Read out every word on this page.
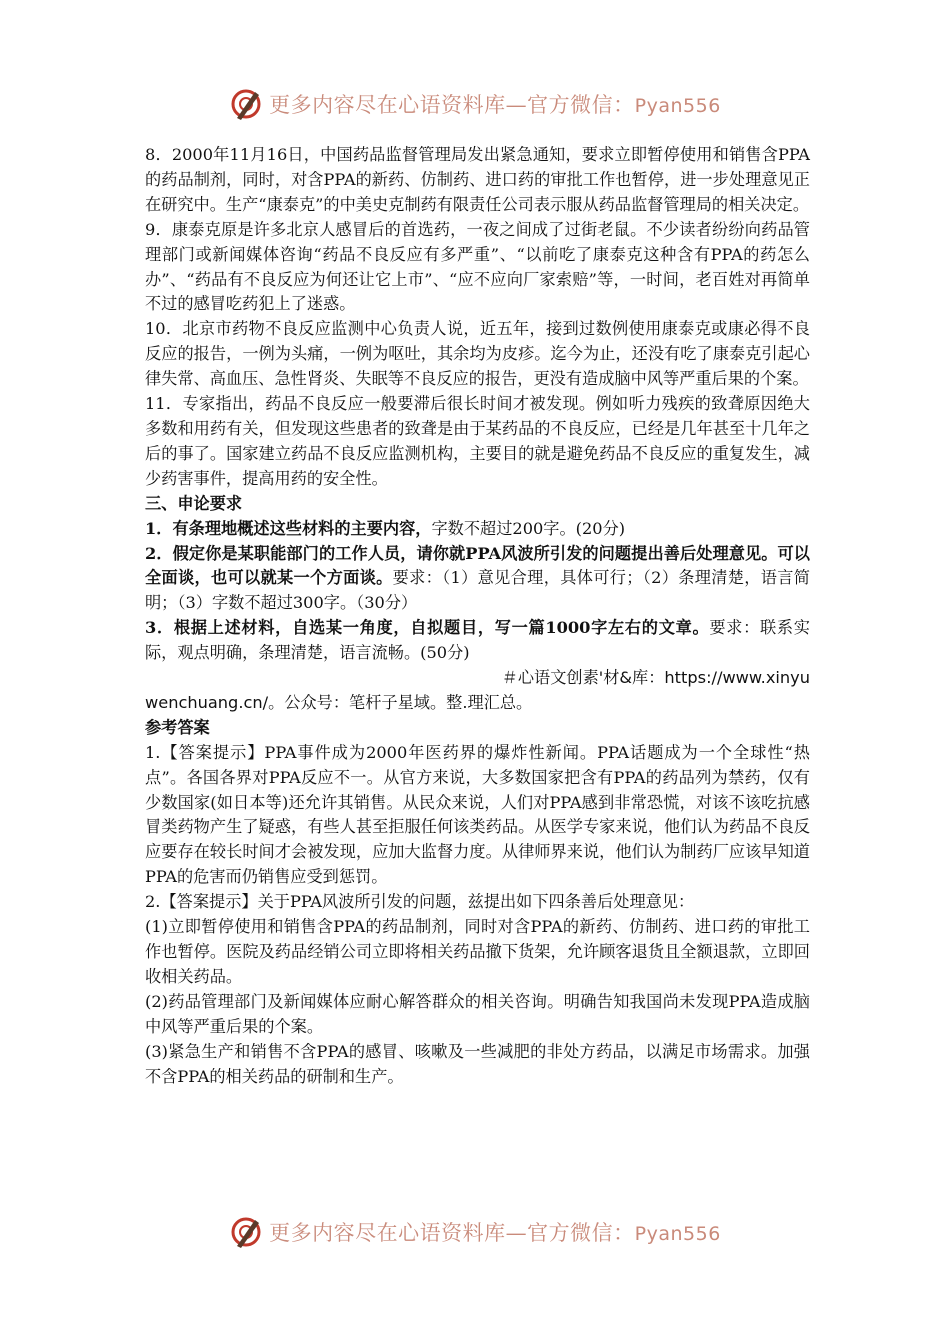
更多内容尽在心语资料库—官方微信：Pyan556

8．2000年11月16日，中国药品监督管理局发出紧急通知，要求立即暂停使用和销售含PPA的药品制剂，同时，对含PPA的新药、仿制药、进口药的审批工作也暂停，进一步处理意见正在研究中。生产“康泰克”的中美史克制药有限责任公司表示服从药品监督管理局的相关决定。

9．康泰克原是许多北京人感冒后的首选药，一夜之间成了过街老鼠。不少读者纷纷向药品管理部门或新闻媒体咨询“药品不良反应有多严重”、“以前吃了康泰克这种含有PPA的药怎么办”、“药品有不良反应为何还让它上市”、“应不应向厂家索赔”等，一时间，老百姓对再简单不过的感冒吃药犯上了迷惑。

10．北京市药物不良反应监测中心负责人说，近五年，接到过数例使用康泰克或康必得不良反应的报告，一例为头痛，一例为呕吐，其余均为皮疹。迄今为止，还没有吃了康泰克引起心律失常、高血压、急性肾炎、失眠等不良反应的报告，更没有造成脑中风等严重后果的个案。

11．专家指出，药品不良反应一般要滞后很长时间才被发现。例如听力残疾的致聋原因绝大多数和用药有关，但发现这些患者的致聋是由于某药品的不良反应，已经是几年甚至十几年之后的事了。国家建立药品不良反应监测机构，主要目的就是避免药品不良反应的重复发生，减少药害事件，提高用药的安全性。

三、申论要求

1．有条理地概述这些材料的主要内容，字数不超过200字。(20分)

2．假定你是某职能部门的工作人员，请你就PPA风波所引发的问题提出善后处理意见。可以全面谈，也可以就某一个方面谈。要求：（1）意见合理，具体可行；（2）条理清楚，语言简明；（3）字数不超过300字。（30分）

3．根据上述材料，自选某一角度，自拟题目，写一篇1000字左右的文章。要求：联系实际，观点明确，条理清楚，语言流畅。(50分)

＃心语文创素'材&库：https://www.xinyu

wenchuang.cn/。公众号：笔杆子星域。整.理汇总。

参考答案

1.【答案提示】PPA事件成为2000年医药界的爆炸性新闻。PPA话题成为一个全球性“热点”。各国各界对PPA反应不一。从官方来说，大多数国家把含有PPA的药品列为禁药，仅有少数国家(如日本等)还允许其销售。从民众来说，人们对PPA感到非常恐慌，对该不该吃抗感冒类药物产生了疑惑，有些人甚至拒服任何该类药品。从医学专家来说，他们认为药品不良反应要存在较长时间才会被发现，应加大监督力度。从律师界来说，他们认为制药厂应该早知道PPA的危害而仍销售应受到惩罚。

2.【答案提示】关于PPA风波所引发的问题，兹提出如下四条善后处理意见：

(1)立即暂停使用和销售含PPA的药品制剂，同时对含PPA的新药、仿制药、进口药的审批工作也暂停。医院及药品经销公司立即将相关药品撤下货架，允许顾客退货且全额退款，立即回收相关药品。

(2)药品管理部门及新闻媒体应耐心解答群众的相关咨询。明确告知我国尚未发现PPA造成脑中风等严重后果的个案。

(3)紧急生产和销售不含PPA的感冒、咳嗽及一些减肥的非处方药品，以满足市场需求。加强不含PPA的相关药品的研制和生产。

更多内容尽在心语资料库—官方微信：Pyan556
